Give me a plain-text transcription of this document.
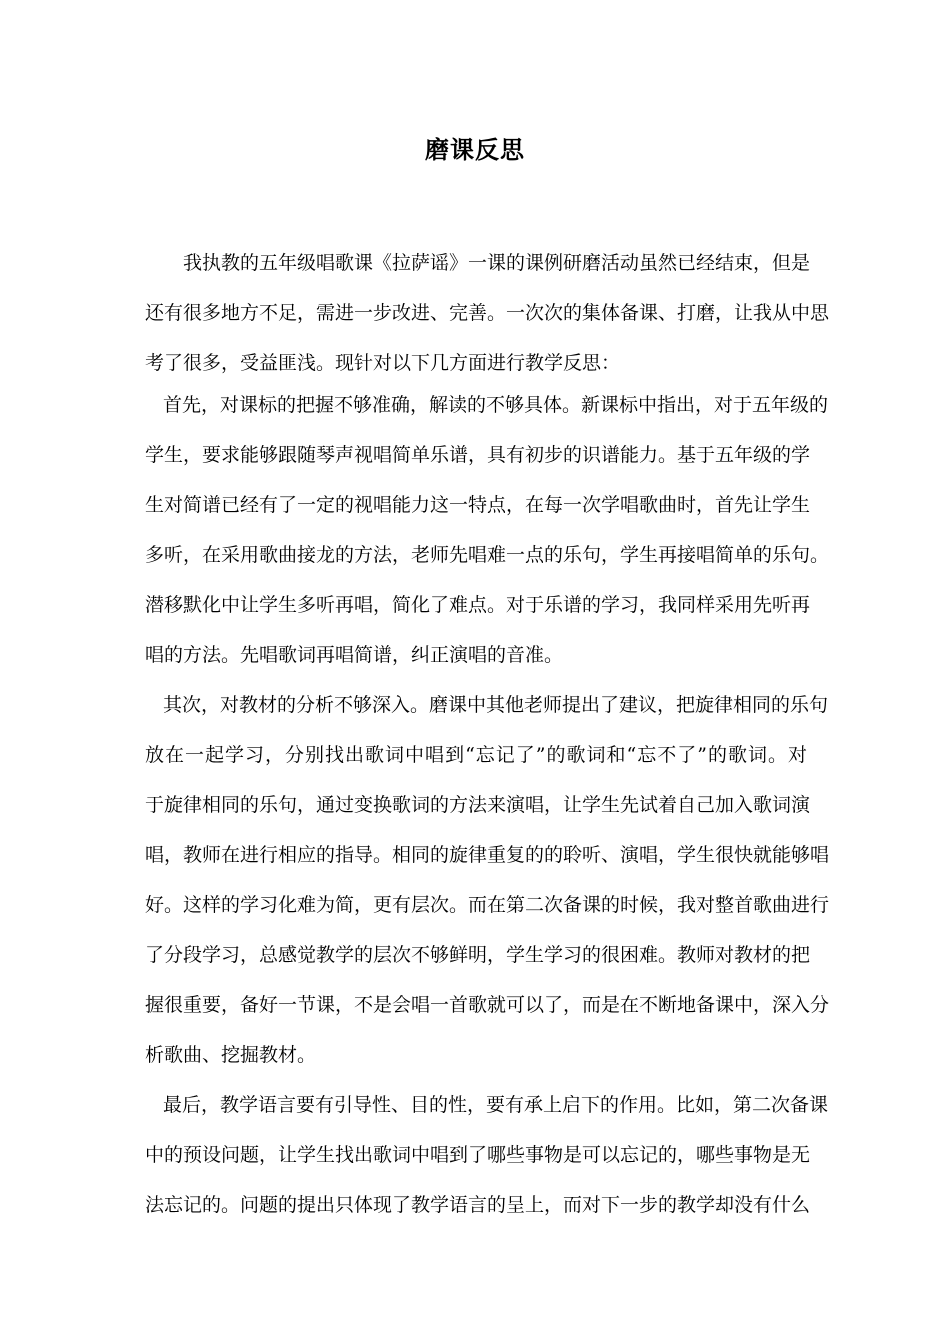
磨课反思
我执教的五年级唱歌课《拉萨谣》一课的课例研磨活动虽然已经结束，但是
还有很多地方不足，需进一步改进、完善。一次次的集体备课、打磨，让我从中思
考了很多，受益匪浅。现针对以下几方面进行教学反思：
首先，对课标的把握不够准确，解读的不够具体。新课标中指出，对于五年级的
学生，要求能够跟随琴声视唱简单乐谱，具有初步的识谱能力。基于五年级的学
生对简谱已经有了一定的视唱能力这一特点，在每一次学唱歌曲时，首先让学生
多听，在采用歌曲接龙的方法，老师先唱难一点的乐句，学生再接唱简单的乐句。
潜移默化中让学生多听再唱，简化了难点。对于乐谱的学习，我同样采用先听再
唱的方法。先唱歌词再唱简谱，纠正演唱的音准。
其次，对教材的分析不够深入。磨课中其他老师提出了建议，把旋律相同的乐句
放在一起学习，分别找出歌词中唱到“忘记了”的歌词和“忘不了”的歌词。对
于旋律相同的乐句，通过变换歌词的方法来演唱，让学生先试着自己加入歌词演
唱，教师在进行相应的指导。相同的旋律重复的的聆听、演唱，学生很快就能够唱
好。这样的学习化难为简，更有层次。而在第二次备课的时候，我对整首歌曲进行
了分段学习，总感觉教学的层次不够鲜明，学生学习的很困难。教师对教材的把
握很重要，备好一节课，不是会唱一首歌就可以了，而是在不断地备课中，深入分
析歌曲、挖掘教材。
最后，教学语言要有引导性、目的性，要有承上启下的作用。比如，第二次备课
中的预设问题，让学生找出歌词中唱到了哪些事物是可以忘记的，哪些事物是无
法忘记的。问题的提出只体现了教学语言的呈上，而对下一步的教学却没有什么
